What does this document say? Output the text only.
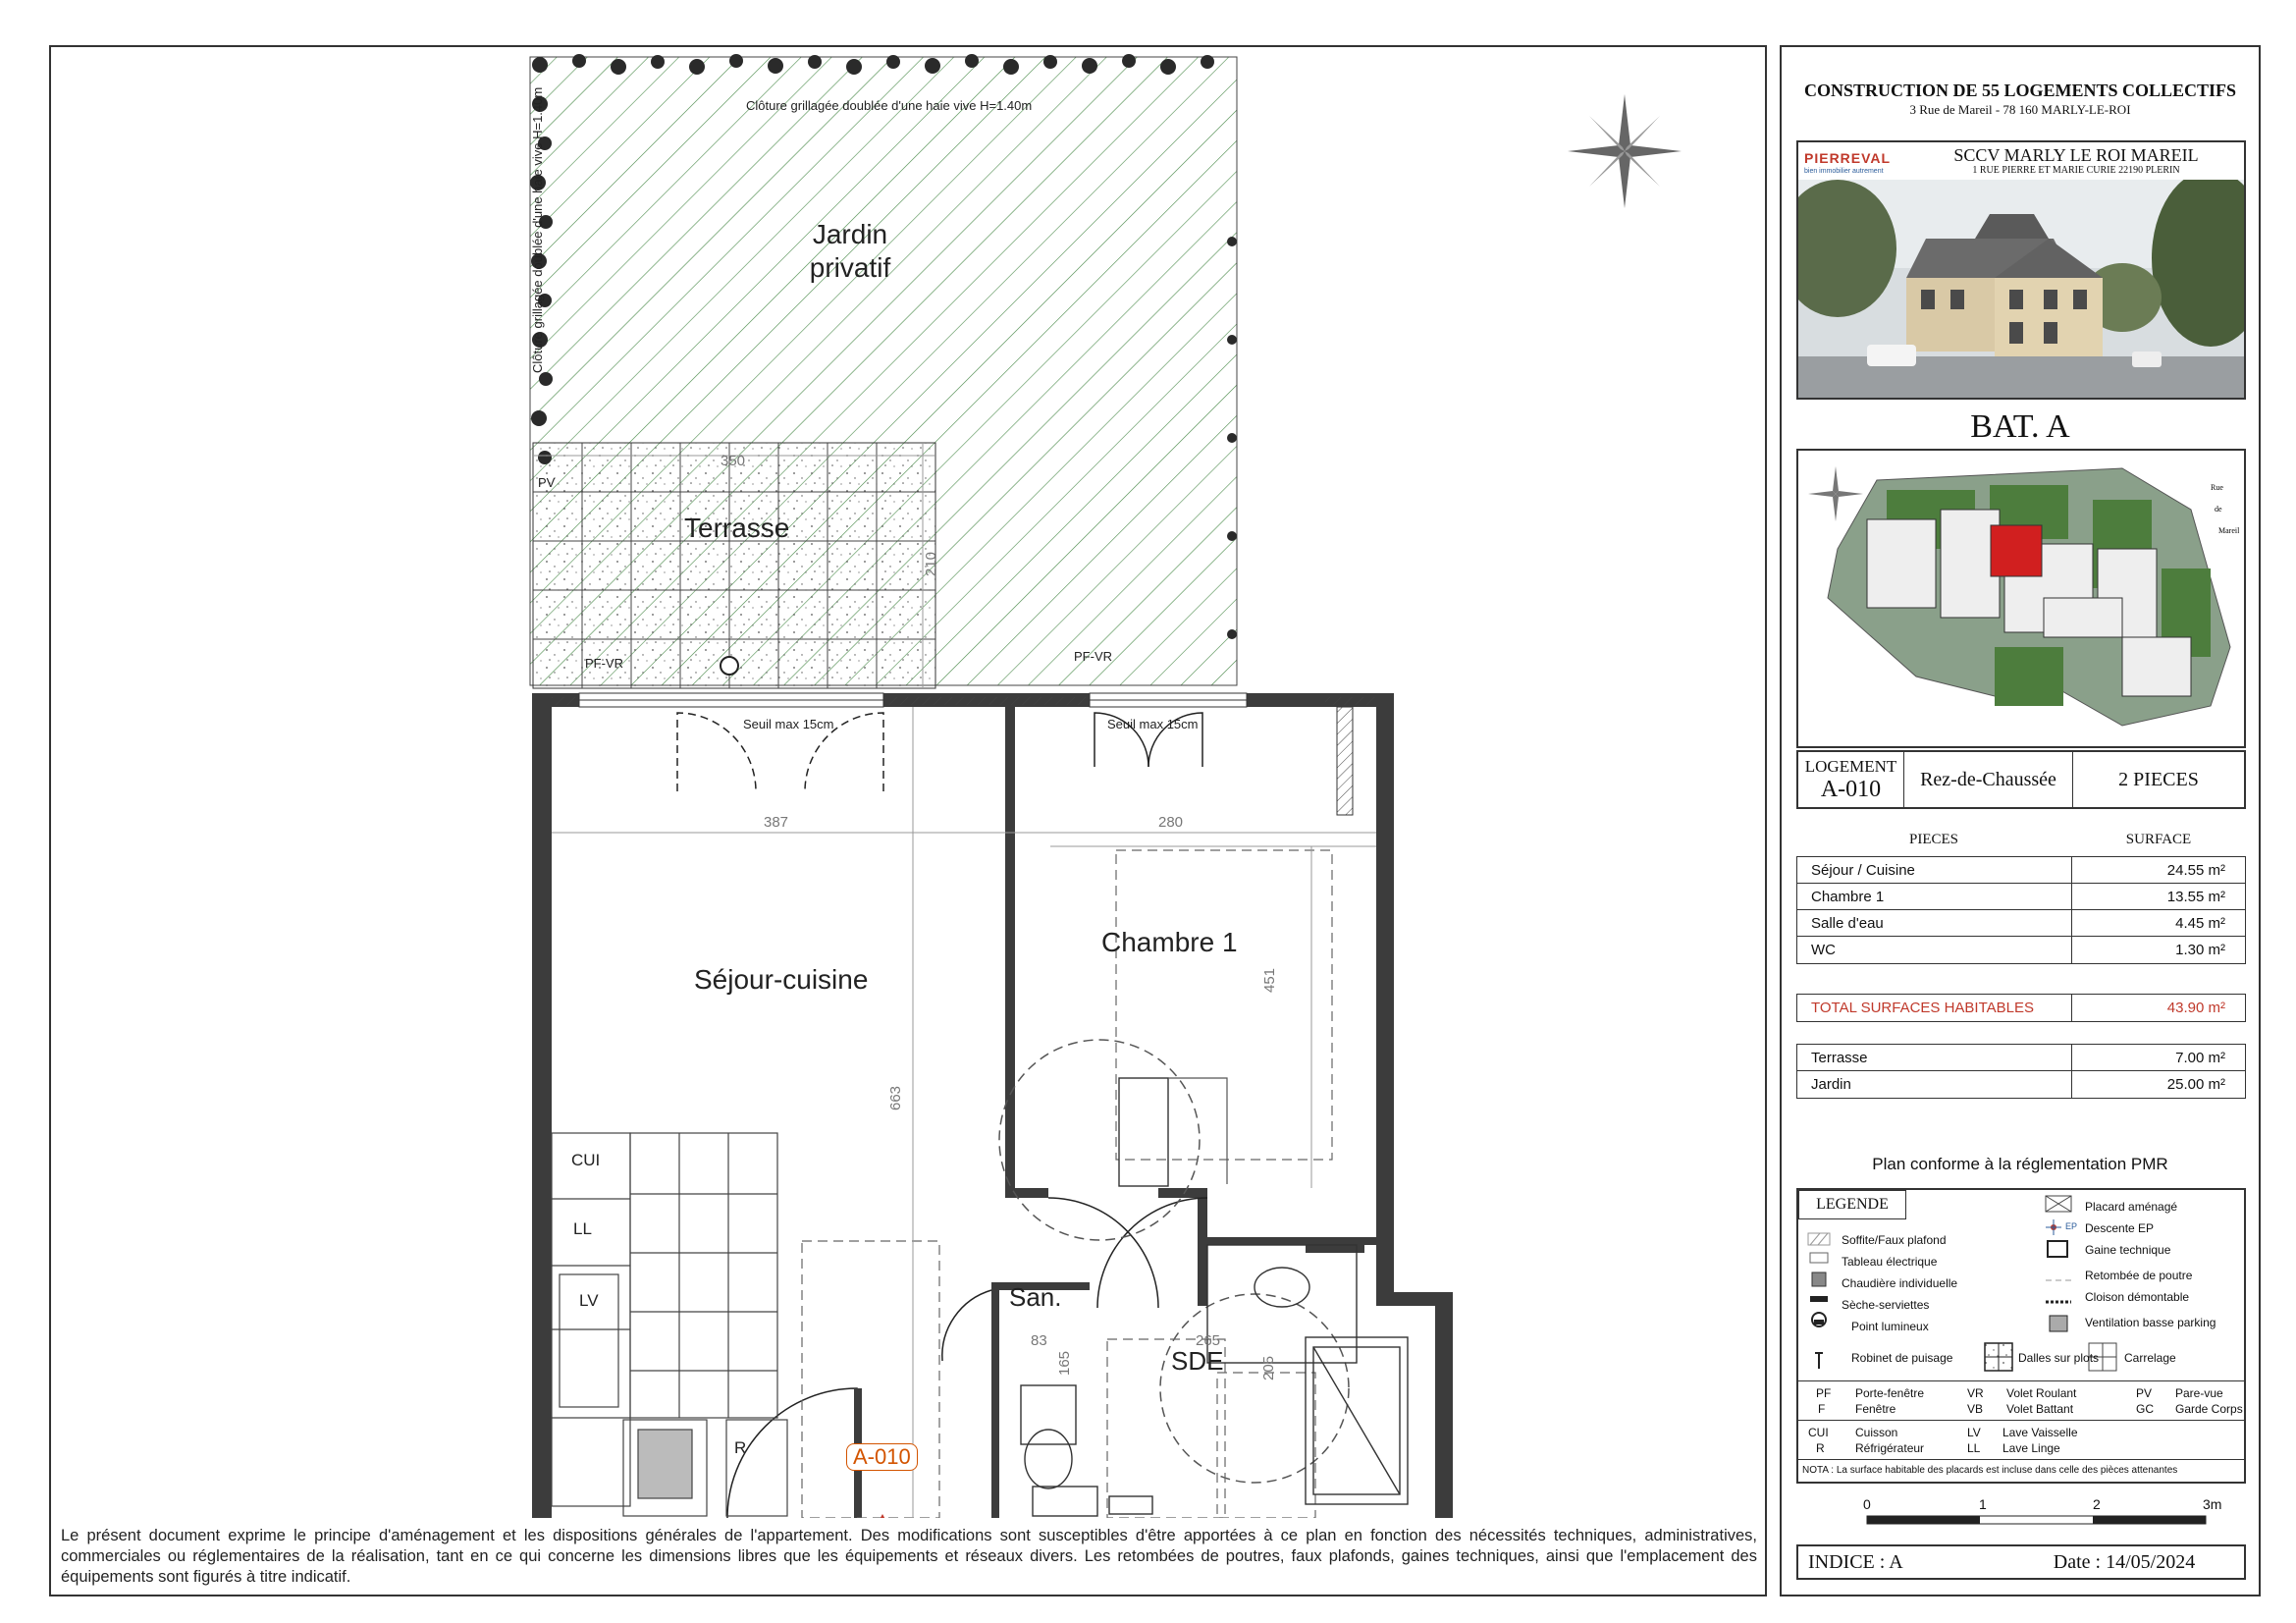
Clôture grillagée doublée d'une haie vive H=1.40m
Clôture grillagée doublée d'une haie vive H=1.40m	Jardin
privatif
Terrasse
PV
PF-VR	PF-VR
Seuil max 15cm	Seuil max 15cm
Séjour-cuisine
Chambre 1
San.
SDE
A-010
CUI
LL
LV
R
350
210
387	280
451
663
83
165
265
205
Le présent document exprime le principe d'aménagement et les dispositions générales de l'appartement. Des modifications sont susceptibles d'être apportées à ce plan en fonction des nécessités techniques, administratives, commerciales ou réglementaires de la réalisation, tant en ce qui concerne les dimensions libres que les équipements et réseaux divers. Les retombées de poutres, faux plafonds, gaines techniques, ainsi que l'emplacement des équipements sont figurés à titre indicatif.
CONSTRUCTION DE 55 LOGEMENTS COLLECTIFS
3 Rue de Mareil - 78 160 MARLY-LE-ROI
PIERREVAL
bien immobilier autrement
SCCV MARLY LE ROI MAREIL
1 RUE PIERRE ET MARIE CURIE 22190 PLERIN
BAT. A
Rue
de
Mareil
LOGEMENT
A-010	Rez-de-Chaussée	2 PIECES
PIECES	SURFACE
Séjour / Cuisine	24.55 m²
Chambre 1	13.55 m²
Salle d'eau	4.45 m²
WC	1.30 m²
TOTAL SURFACES HABITABLES	43.90 m²
Terrasse	7.00 m²
Jardin	25.00 m²
Plan conforme à la réglementation PMR
LEGENDE
Soffite/Faux plafond
Tableau électrique
Chaudière individuelle
Sèche-serviettes
Point lumineux
Robinet de puisage
Placard aménagé
EP Descente EP
Gaine technique
Retombée de poutre
Cloison démontable
Ventilation basse parking
Dalles sur plots Carrelage
PF Porte-fenêtre	VR Volet Roulant	PV Pare-vue
F	Fenêtre	VB Volet Battant	GC Garde Corps
CUI Cuisson	LV Lave Vaisselle
R	Réfrigérateur	LL Lave Linge
NOTA : La surface habitable des placards est incluse dans celle des pièces attenantes
0	1	2	3m
INDICE : A	Date : 14/05/2024
